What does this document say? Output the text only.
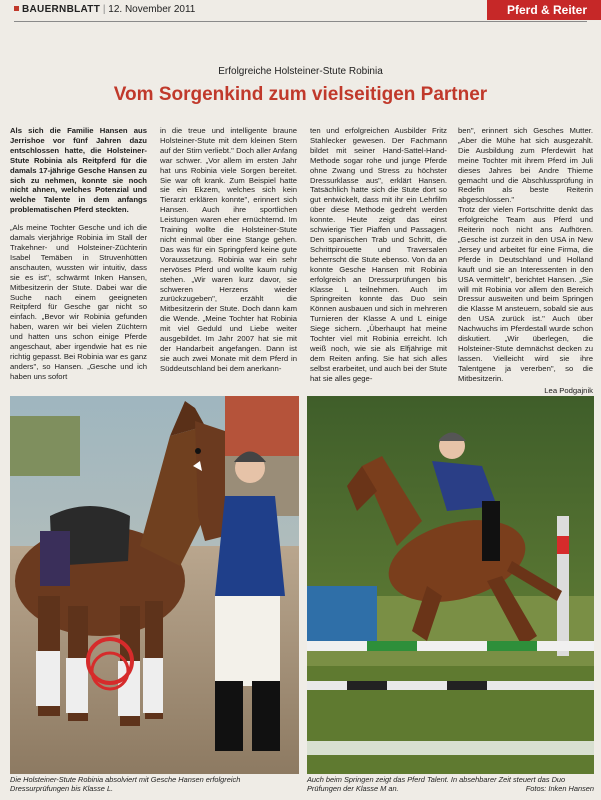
BAUERNBLATT | 12. November 2011	Pferd & Reiter
Erfolgreiche Holsteiner-Stute Robinia
Vom Sorgenkind zum vielseitigen Partner

Als sich die Familie Hansen aus Jerrishoe vor fünf Jahren dazu entschlossen hatte, die Holsteiner-Stute Robinia als Reitpferd für die damals 17-jährige Gesche Hansen zu sich zu nehmen, konnte sie noch nicht ahnen, welches Potenzial und welche Talente in dem anfangs problematischen Pferd steckten.

„Als meine Tochter Gesche und ich die damals vierjährige Robinia im Stall der Trakehner- und Holsteiner-Züchterin Isabel Temäben in Struvenhütten anschauten, wussten wir intuitiv, dass sie es ist", schwärmt Inken Hansen, Mitbesitzerin der Stute. Dabei war die Suche nach einem geeigneten Reitpferd für Gesche gar nicht so einfach. „Bevor wir Robinia gefunden haben, waren wir bei vielen Züchtern und hatten uns schon einige Pferde angeschaut, aber irgendwie hat es nie richtig gepasst. Bei Robinia war es ganz anders", so Hansen. „Gesche und ich haben uns sofort

in die treue und intelligente braune Holsteiner-Stute mit dem kleinen Stern auf der Stirn verliebt." Doch aller Anfang war schwer. „Vor allem im ersten Jahr hat uns Robinia viele Sorgen bereitet. Sie war oft krank. Zum Beispiel hatte sie ein Ekzem, welches sich kein Tierarzt erklären konnte", erinnert sich Hansen. Auch ihre sportlichen Leistungen waren eher ernüchternd. Im Training wollte die Holsteiner-Stute nicht einmal über eine Stange gehen. Das was für ein Springpferd keine gute Voraussetzung. Robinia war ein sehr nervöses Pferd und wollte kaum ruhig stehen. „Wir waren kurz davor, sie schweren Herzens wieder zurückzugeben", erzählt die Mitbesitzerin der Stute. Doch dann kam die Wende. „Meine Tochter hat Robinia mit viel Geduld und Liebe weiter ausgebildet. Im Jahr 2007 hat sie mit der Handarbeit angefangen. Dann ist sie auch zwei Monate mit dem Pferd in Süddeutschland bei dem anerkann-

ten und erfolgreichen Ausbilder Fritz Stahlecker gewesen. Der Fachmann bildet mit seiner Hand-Sattel-Hand-Methode sogar rohe und junge Pferde ohne Zwang und Stress zu höchster Dressurklasse aus", erklärt Hansen. Tatsächlich hatte sich die Stute dort so gut entwickelt, dass mit ihr ein Lehrfilm über diese Methode gedreht werden konnte. Heute zeigt das einst schwierige Tier Piaffen und Passagen. Den spanischen Trab und Schritt, die Schrittpirouette und Traversalen beherrscht die Stute ebenso. Von da an konnte Gesche Hansen mit Robinia erfolgreich an Dressurprüfungen bis Klasse L teilnehmen. Auch im Springreiten konnte das Duo sein Können ausbauen und sich in mehreren Turnieren der Klasse A und L einige Siege sichern. „Überhaupt hat meine Tochter viel mit Robinia erreicht. Ich weiß noch, wie sie als Elfjährige mit dem Reiten anfing. Sie hat sich alles selbst erarbeitet, und auch bei der Stute hat sie alles gege-

ben", erinnert sich Gesches Mutter. „Aber die Mühe hat sich ausgezahlt. Die Ausbildung zum Pferdewirt hat meine Tochter mit ihrem Pferd im Juli dieses Jahres bei Andre Thieme gemacht und die Abschlussprüfung in Redefin als beste Reiterin abgeschlossen."

Trotz der vielen Fortschritte denkt das erfolgreiche Team aus Pferd und Reiterin noch nicht ans Aufhören. „Gesche ist zurzeit in den USA in New Jersey und arbeitet für eine Firma, die Pferde in Deutschland und Holland kauft und sie an Interessenten in den USA vermittelt", berichtet Hansen. „Sie will mit Robinia vor allem den Bereich Dressur ausweiten und beim Springen die Klasse M ansteuern, sobald sie aus den USA zurück ist." Auch über Nachwuchs im Pferdestall wurde schon diskutiert. „Wir überlegen, die Holsteiner-Stute demnächst decken zu lassen. Vielleicht wird sie ihre Talentgene ja vererben", so die Mitbesitzerin.

Lea Podgajnik
Die Holsteiner-Stute Robinia absolviert mit Gesche Hansen erfolgreich Dressurprüfungen bis Klasse L.
Auch beim Springen zeigt das Pferd Talent. In absehbarer Zeit steuert das Duo Prüfungen der Klasse M an.	Fotos: Inken Hansen
